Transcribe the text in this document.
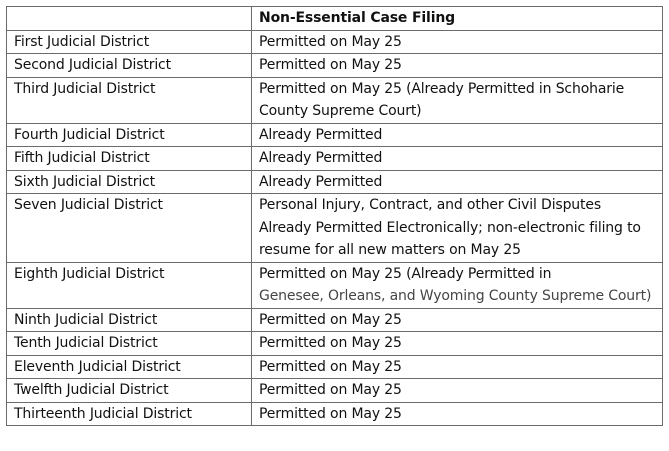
	Non-Essential Case Filing
First Judicial District	Permitted on May 25
Second Judicial District	Permitted on May 25
Third Judicial District	Permitted on May 25 (Already Permitted in Schoharie County Supreme Court)
Fourth Judicial District	Already Permitted
Fifth Judicial District	Already Permitted
Sixth Judicial District	Already Permitted
Seven Judicial District	Personal Injury, Contract, and other Civil Disputes
Already Permitted Electronically; non-electronic filing to resume for all new matters on May 25

Eighth Judicial District	Permitted on May 25 (Already Permitted in
Genesee, Orleans, and Wyoming County Supreme Court)

Ninth Judicial District	Permitted on May 25
Tenth Judicial District	Permitted on May 25
Eleventh Judicial District	Permitted on May 25
Twelfth Judicial District	Permitted on May 25
Thirteenth Judicial District	Permitted on May 25
